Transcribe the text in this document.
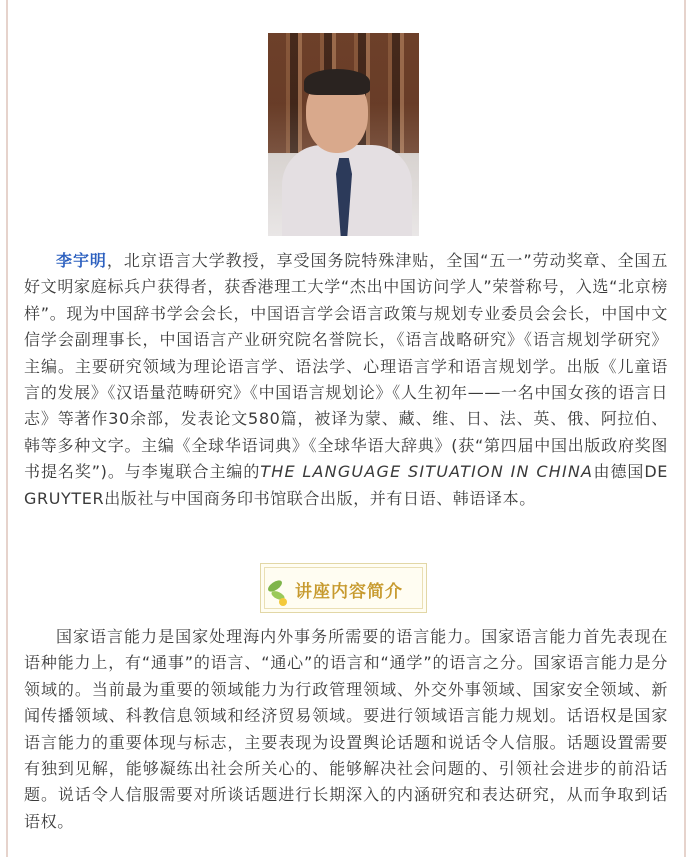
李宇明，北京语言大学教授，享受国务院特殊津贴，全国“五一”劳动奖章、全国五好文明家庭标兵户获得者，获香港理工大学“杰出中国访问学人”荣誉称号，入选“北京榜样”。现为中国辞书学会会长，中国语言学会语言政策与规划专业委员会会长，中国中文信学会副理事长，中国语言产业研究院名誉院长，《语言战略研究》《语言规划学研究》主编。主要研究领域为理论语言学、语法学、心理语言学和语言规划学。出版《儿童语言的发展》《汉语量范畴研究》《中国语言规划论》《人生初年——一名中国女孩的语言日志》等著作30余部，发表论文580篇，被译为蒙、藏、维、日、法、英、俄、阿拉伯、韩等多种文字。主编《全球华语词典》《全球华语大辞典》(获“第四届中国出版政府奖图书提名奖”)。与李嵬联合主编的THE LANGUAGE SITUATION IN CHINA由德国DE GRUYTER出版社与中国商务印书馆联合出版，并有日语、韩语译本。

讲座内容简介

国家语言能力是国家处理海内外事务所需要的语言能力。国家语言能力首先表现在语种能力上，有“通事”的语言、“通心”的语言和“通学”的语言之分。国家语言能力是分领域的。当前最为重要的领域能力为行政管理领域、外交外事领域、国家安全领域、新闻传播领域、科教信息领域和经济贸易领域。要进行领域语言能力规划。话语权是国家语言能力的重要体现与标志，主要表现为设置舆论话题和说话令人信服。话题设置需要有独到见解，能够凝练出社会所关心的、能够解决社会问题的、引领社会进步的前沿话题。说话令人信服需要对所谈话题进行长期深入的内涵研究和表达研究，从而争取到话语权。
